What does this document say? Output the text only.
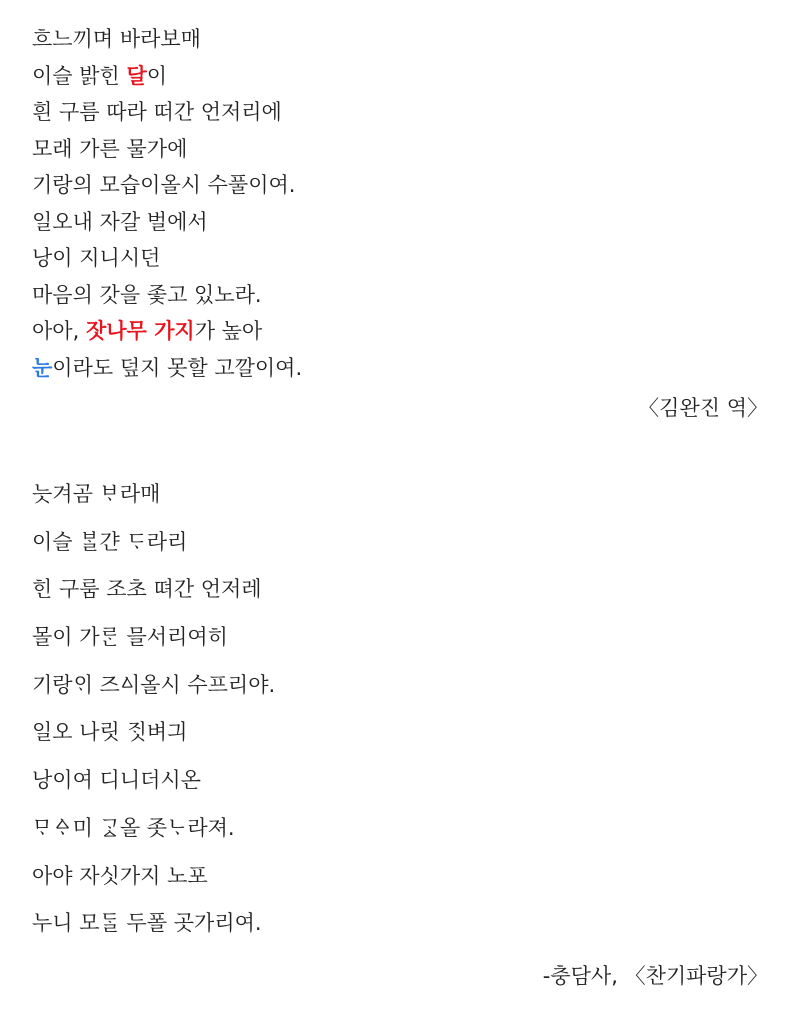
흐느끼며 바라보매
이슬 밝힌 달이
흰 구름 따라 떠간 언저리에
모래 가른 물가에
기랑의 모습이올시 수풀이여.
일오내 자갈 벌에서
낭이 지니시던
마음의 갓을 좇고 있노라.
아아, 잣나무 가지가 높아
눈이라도 덮지 못할 고깔이여.
〈김완진 역〉
늣겨곰 ᄇᆞ라매
이슬 ᄇᆞᆯ갼 ᄃᆞ라리
힌 구룸 조초 뗘간 언저레
몰이 가ᄅᆞᆫ 믈서리여히
기랑ᄋᆡ 즈ᅀᅵ올시 수프리야.
일오 나릿 ᄌᆡᆺ벼긔
낭이여 디니더시온
ᄆᆞᅀᆞ미 ᄀᆞᇫ올 좃ᄂᆞ라져.
아야 자싯가지 노포
누니 모ᄃᆞᆯ 두폴 곳가리여.
-충담사, 〈찬기파랑가〉
